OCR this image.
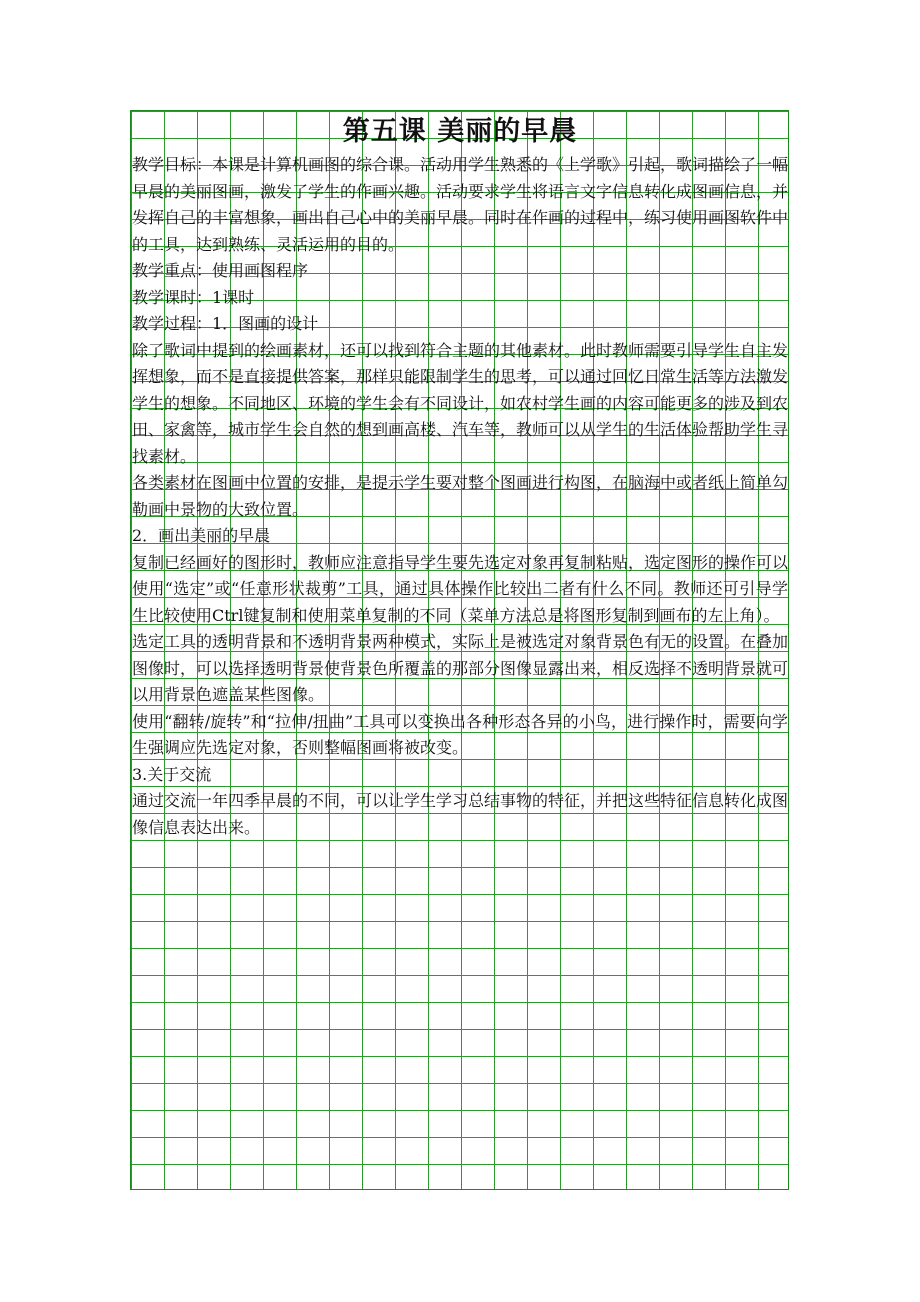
第五课 美丽的早晨

教学目标：本课是计算机画图的综合课。活动用学生熟悉的《上学歌》引起，歌词描绘了一幅早晨的美丽图画，激发了学生的作画兴趣。活动要求学生将语言文字信息转化成图画信息，并发挥自己的丰富想象，画出自己心中的美丽早晨。同时在作画的过程中，练习使用画图软件中的工具，达到熟练、灵活运用的目的。

教学重点：使用画图程序

教学课时：1课时

教学过程：1．图画的设计

除了歌词中提到的绘画素材，还可以找到符合主题的其他素材。此时教师需要引导学生自主发挥想象，而不是直接提供答案，那样只能限制学生的思考，可以通过回忆日常生活等方法激发学生的想象。不同地区、环境的学生会有不同设计，如农村学生画的内容可能更多的涉及到农田、家禽等，城市学生会自然的想到画高楼、汽车等，教师可以从学生的生活体验帮助学生寻找素材。

各类素材在图画中位置的安排，是提示学生要对整个图画进行构图，在脑海中或者纸上简单勾勒画中景物的大致位置。

2．画出美丽的早晨

复制已经画好的图形时，教师应注意指导学生要先选定对象再复制粘贴，选定图形的操作可以使用“选定”或“任意形状裁剪”工具，通过具体操作比较出二者有什么不同。教师还可引导学生比较使用Ctrl键复制和使用菜单复制的不同（菜单方法总是将图形复制到画布的左上角）。

选定工具的透明背景和不透明背景两种模式，实际上是被选定对象背景色有无的设置。在叠加图像时，可以选择透明背景使背景色所覆盖的那部分图像显露出来，相反选择不透明背景就可以用背景色遮盖某些图像。

使用“翻转/旋转”和“拉伸/扭曲”工具可以变换出各种形态各异的小鸟，进行操作时，需要向学生强调应先选定对象，否则整幅图画将被改变。

3.关于交流

通过交流一年四季早晨的不同，可以让学生学习总结事物的特征，并把这些特征信息转化成图像信息表达出来。
